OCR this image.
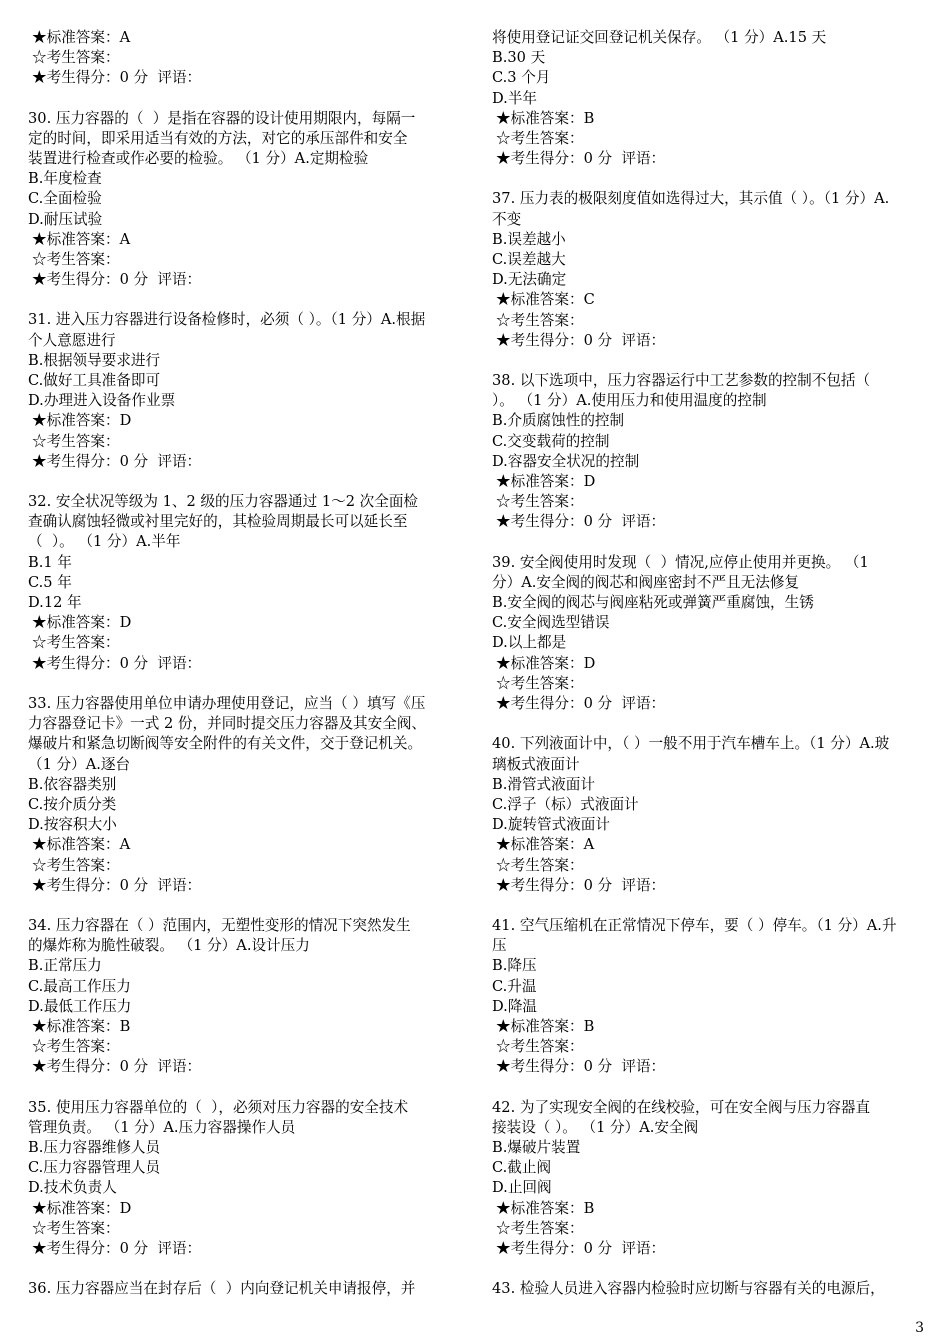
★标准答案：A
☆考生答案：
★考生得分：0 分  评语：
30. 压力容器的（  ）是指在容器的设计使用期限内，每隔一
定的时间，即采用适当有效的方法，对它的承压部件和安全
装置进行检查或作必要的检验。 （1 分）A.定期检验
B.年度检查
C.全面检验
D.耐压试验
★标准答案：A
☆考生答案：
★考生得分：0 分  评语：
31. 进入压力容器进行设备检修时，必须（ ）。（1 分）A.根据
个人意愿进行
B.根据领导要求进行
C.做好工具准备即可
D.办理进入设备作业票
★标准答案：D
☆考生答案：
★考生得分：0 分  评语：
32. 安全状况等级为 1、2 级的压力容器通过 1～2 次全面检
查确认腐蚀轻微或衬里完好的，其检验周期最长可以延长至
（  ）。 （1 分）A.半年
B.1 年
C.5 年
D.12 年
★标准答案：D
☆考生答案：
★考生得分：0 分  评语：
33. 压力容器使用单位申请办理使用登记，应当（ ）填写《压
力容器登记卡》一式 2 份，并同时提交压力容器及其安全阀、
爆破片和紧急切断阀等安全附件的有关文件，交于登记机关。
（1 分）A.逐台
B.依容器类别
C.按介质分类
D.按容积大小
★标准答案：A
☆考生答案：
★考生得分：0 分  评语：
34. 压力容器在（ ）范围内，无塑性变形的情况下突然发生
的爆炸称为脆性破裂。 （1 分）A.设计压力
B.正常压力
C.最高工作压力
D.最低工作压力
★标准答案：B
☆考生答案：
★考生得分：0 分  评语：
35. 使用压力容器单位的（  ），必须对压力容器的安全技术
管理负责。 （1 分）A.压力容器操作人员
B.压力容器维修人员
C.压力容器管理人员
D.技术负责人
★标准答案：D
☆考生答案：
★考生得分：0 分  评语：
36. 压力容器应当在封存后（  ）内向登记机关申请报停，并
将使用登记证交回登记机关保存。 （1 分）A.15 天
B.30 天
C.3 个月
D.半年
★标准答案：B
☆考生答案：
★考生得分：0 分  评语：
37. 压力表的极限刻度值如选得过大，其示值（ ）。（1 分）A.
不变
B.误差越小
C.误差越大
D.无法确定
★标准答案：C
☆考生答案：
★考生得分：0 分  评语：
38. 以下选项中，压力容器运行中工艺参数的控制不包括（
）。 （1 分）A.使用压力和使用温度的控制
B.介质腐蚀性的控制
C.交变载荷的控制
D.容器安全状况的控制
★标准答案：D
☆考生答案：
★考生得分：0 分  评语：
39. 安全阀使用时发现（  ）情况,应停止使用并更换。 （1
分）A.安全阀的阀芯和阀座密封不严且无法修复
B.安全阀的阀芯与阀座粘死或弹簧严重腐蚀，生锈
C.安全阀选型错误
D.以上都是
★标准答案：D
☆考生答案：
★考生得分：0 分  评语：
40. 下列液面计中，（ ）一般不用于汽车槽车上。（1 分）A.玻
璃板式液面计
B.滑管式液面计
C.浮子（标）式液面计
D.旋转管式液面计
★标准答案：A
☆考生答案：
★考生得分：0 分  评语：
41. 空气压缩机在正常情况下停车，要（ ）停车。（1 分）A.升
压
B.降压
C.升温
D.降温
★标准答案：B
☆考生答案：
★考生得分：0 分  评语：
42. 为了实现安全阀的在线校验，可在安全阀与压力容器直
接装设（ ）。 （1 分）A.安全阀
B.爆破片装置
C.截止阀
D.止回阀
★标准答案：B
☆考生答案：
★考生得分：0 分  评语：
43. 检验人员进入容器内检验时应切断与容器有关的电源后，
3
